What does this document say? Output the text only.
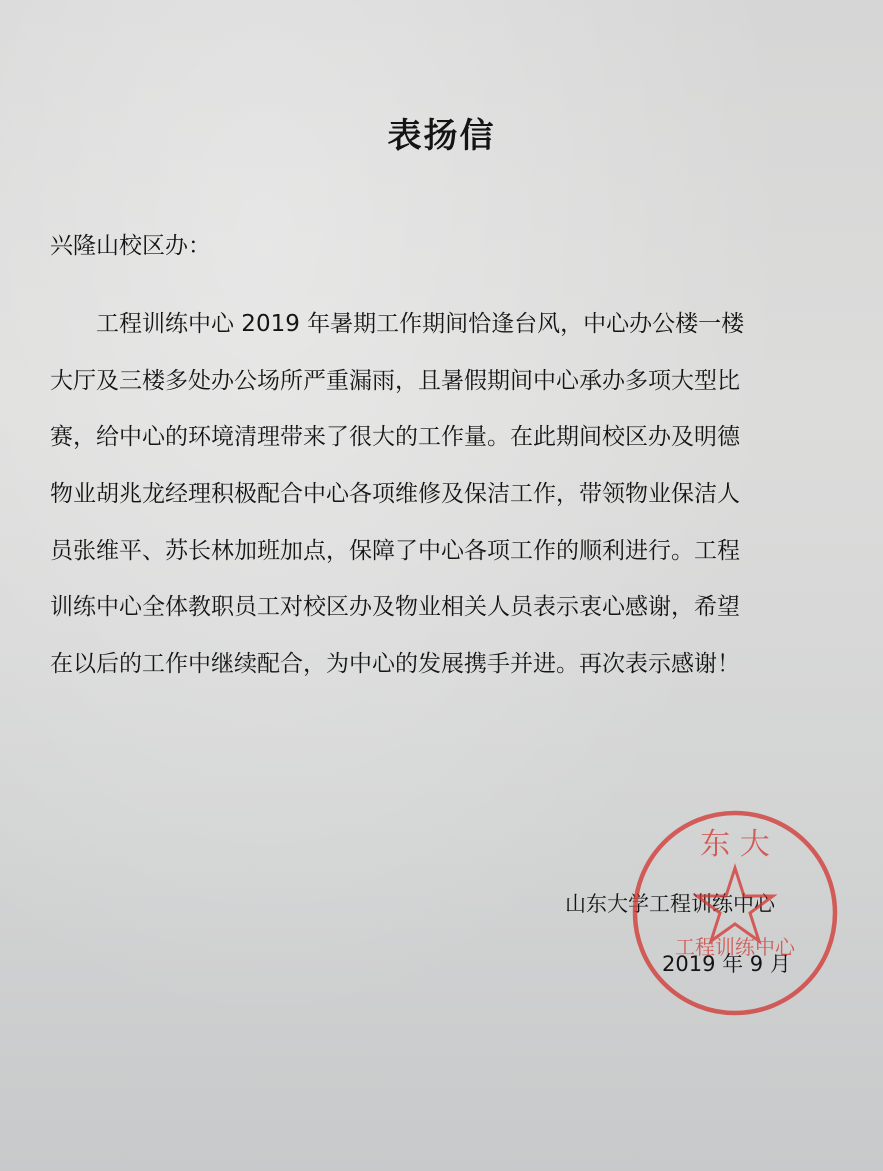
表扬信

兴隆山校区办：

工程训练中心 2019 年暑期工作期间恰逢台风，中心办公楼一楼
大厅及三楼多处办公场所严重漏雨，且暑假期间中心承办多项大型比
赛，给中心的环境清理带来了很大的工作量。在此期间校区办及明德
物业胡兆龙经理积极配合中心各项维修及保洁工作，带领物业保洁人
员张维平、苏长林加班加点，保障了中心各项工作的顺利进行。工程
训练中心全体教职员工对校区办及物业相关人员表示衷心感谢，希望
在以后的工作中继续配合，为中心的发展携手并进。再次表示感谢！

山东大学工程训练中心

2019 年 9 月

东 大
工程训练中心
